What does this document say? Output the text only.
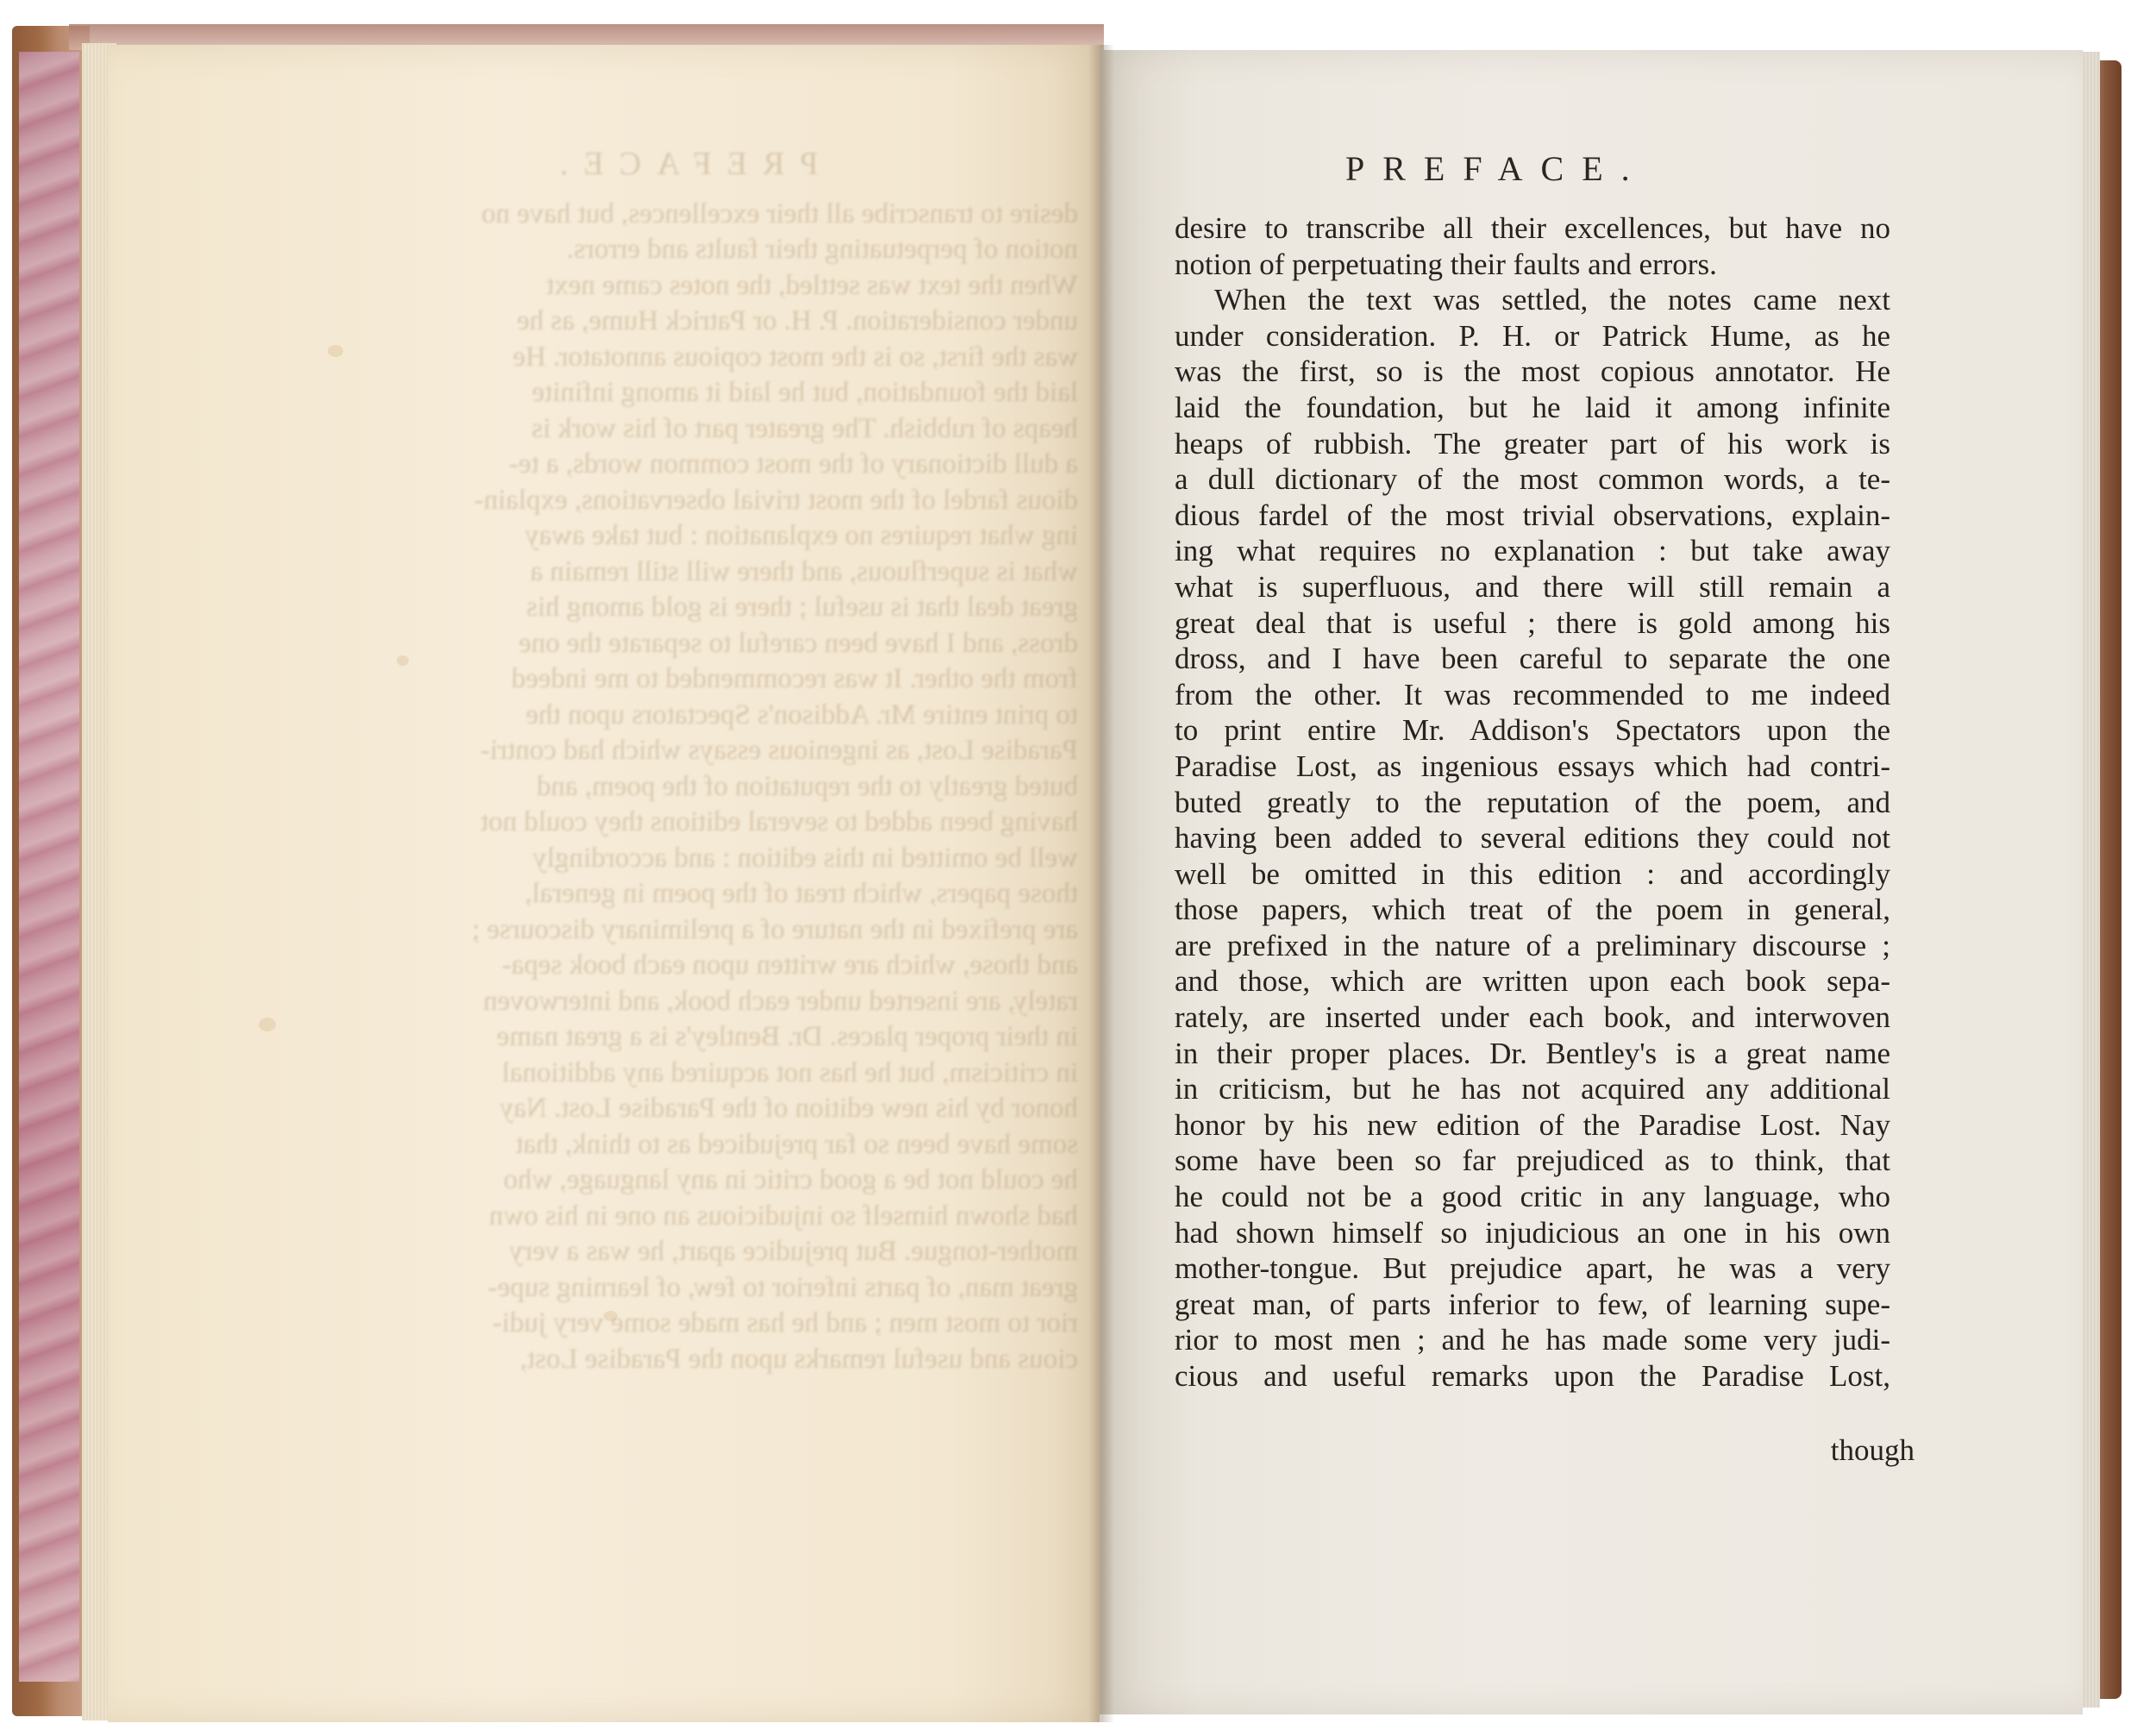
PREFACE.
desire to transcribe all their excellences, but have no
notion of perpetuating their faults and errors.
When the text was settled, the notes came next
under consideration. P. H. or Patrick Hume, as he
was the first, so is the most copious annotator. He
laid the foundation, but he laid it among infinite
heaps of rubbish. The greater part of his work is
a dull dictionary of the most common words, a te-
dious fardel of the most trivial observations, explain-
ing what requires no explanation : but take away
what is superfluous, and there will still remain a
great deal that is useful ; there is gold among his
dross, and I have been careful to separate the one
from the other. It was recommended to me indeed
to print entire Mr. Addison's Spectators upon the
Paradise Lost, as ingenious essays which had contri-
buted greatly to the reputation of the poem, and
having been added to several editions they could not
well be omitted in this edition : and accordingly
those papers, which treat of the poem in general,
are prefixed in the nature of a preliminary discourse ;
and those, which are written upon each book sepa-
rately, are inserted under each book, and interwoven
in their proper places. Dr. Bentley's is a great name
in criticism, but he has not acquired any additional
honor by his new edition of the Paradise Lost. Nay
some have been so far prejudiced as to think, that
he could not be a good critic in any language, who
had shown himself so injudicious an one in his own
mother-tongue. But prejudice apart, he was a very
great man, of parts inferior to few, of learning supe-
rior to most men ; and he has made some very judi-
cious and useful remarks upon the Paradise Lost,
PREFACE.
desire to transcribe all their excellences, but have no
notion of perpetuating their faults and errors.
When the text was settled, the notes came next
under consideration. P. H. or Patrick Hume, as he
was the first, so is the most copious annotator. He
laid the foundation, but he laid it among infinite
heaps of rubbish. The greater part of his work is
a dull dictionary of the most common words, a te-
dious fardel of the most trivial observations, explain-
ing what requires no explanation : but take away
what is superfluous, and there will still remain a
great deal that is useful ; there is gold among his
dross, and I have been careful to separate the one
from the other. It was recommended to me indeed
to print entire Mr. Addison's Spectators upon the
Paradise Lost, as ingenious essays which had contri-
buted greatly to the reputation of the poem, and
having been added to several editions they could not
well be omitted in this edition : and accordingly
those papers, which treat of the poem in general,
are prefixed in the nature of a preliminary discourse ;
and those, which are written upon each book sepa-
rately, are inserted under each book, and interwoven
in their proper places. Dr. Bentley's is a great name
in criticism, but he has not acquired any additional
honor by his new edition of the Paradise Lost. Nay
some have been so far prejudiced as to think, that
he could not be a good critic in any language, who
had shown himself so injudicious an one in his own
mother-tongue. But prejudice apart, he was a very
great man, of parts inferior to few, of learning supe-
rior to most men ; and he has made some very judi-
cious and useful remarks upon the Paradise Lost,
though
